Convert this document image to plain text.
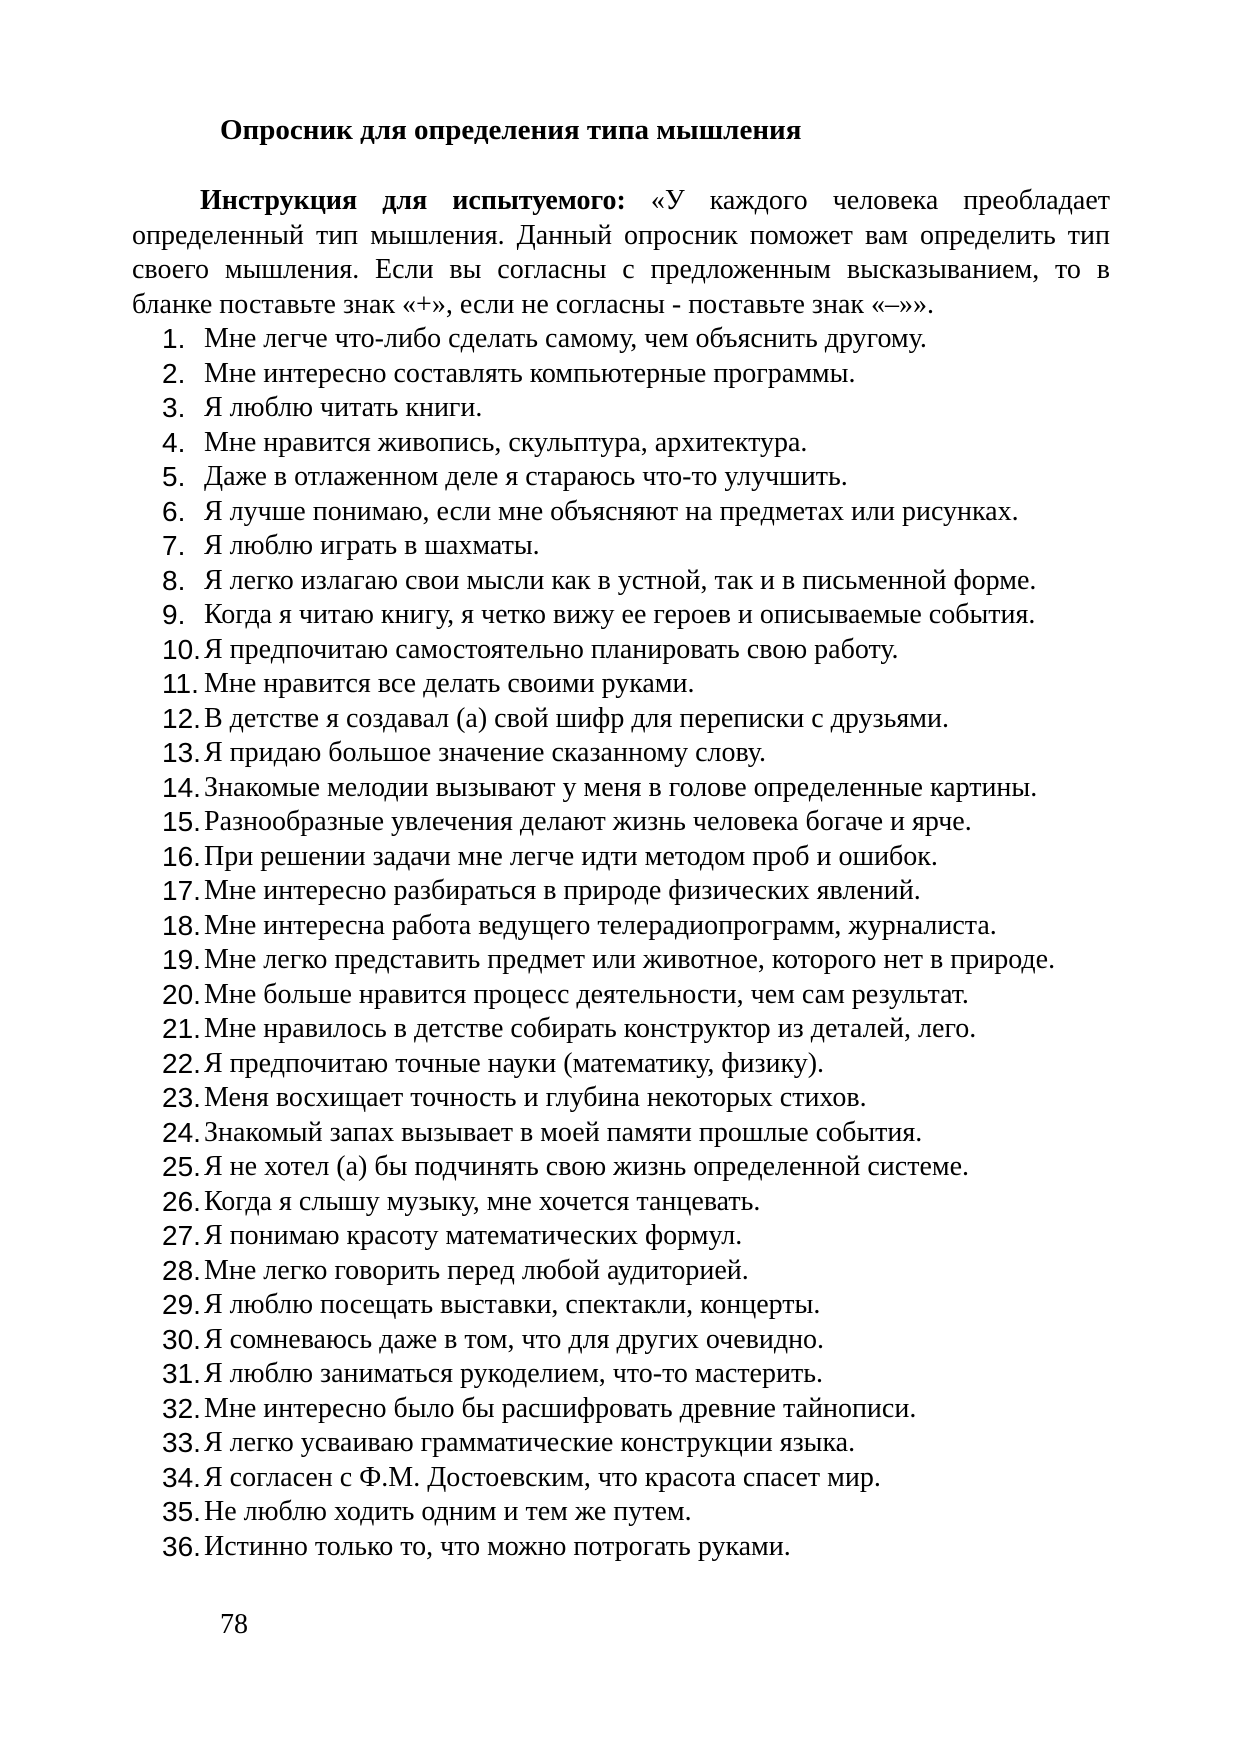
Опросник для определения типа мышления

Инструкция для испытуемого: «У каждого человека преобладает определенный тип мышления. Данный опросник поможет вам определить тип своего мышления. Если вы согласны с предложенным высказыванием, то в бланке поставьте знак «+», если не согласны - поставьте знак «–»».

1. Мне легче что-либо сделать самому, чем объяснить другому.
2. Мне интересно составлять компьютерные программы.
3. Я люблю читать книги.
4. Мне нравится живопись, скульптура, архитектура.
5. Даже в отлаженном деле я стараюсь что-то улучшить.
6. Я лучше понимаю, если мне объясняют на предметах или рисунках.
7. Я люблю играть в шахматы.
8. Я легко излагаю свои мысли как в устной, так и в письменной форме.
9. Когда я читаю книгу, я четко вижу ее героев и описываемые события.
10. Я предпочитаю самостоятельно планировать свою работу.
11. Мне нравится все делать своими руками.
12. В детстве я создавал (а) свой шифр для переписки с друзьями.
13. Я придаю большое значение сказанному слову.
14. Знакомые мелодии вызывают у меня в голове определенные картины.
15. Разнообразные увлечения делают жизнь человека богаче и ярче.
16. При решении задачи мне легче идти методом проб и ошибок.
17. Мне интересно разбираться в природе физических явлений.
18. Мне интересна работа ведущего телерадиопрограмм, журналиста.
19. Мне легко представить предмет или животное, которого нет в природе.
20. Мне больше нравится процесс деятельности, чем сам результат.
21. Мне нравилось в детстве собирать конструктор из деталей, лего.
22. Я предпочитаю точные науки (математику, физику).
23. Меня восхищает точность и глубина некоторых стихов.
24. Знакомый запах вызывает в моей памяти прошлые события.
25. Я не хотел (а) бы подчинять свою жизнь определенной системе.
26. Когда я слышу музыку, мне хочется танцевать.
27. Я понимаю красоту математических формул.
28. Мне легко говорить перед любой аудиторией.
29. Я люблю посещать выставки, спектакли, концерты.
30. Я сомневаюсь даже в том, что для других очевидно.
31. Я люблю заниматься рукоделием, что-то мастерить.
32. Мне интересно было бы расшифровать древние тайнописи.
33. Я легко усваиваю грамматические конструкции языка.
34. Я согласен с Ф.М. Достоевским, что красота спасет мир.
35. Не люблю ходить одним и тем же путем.
36. Истинно только то, что можно потрогать руками.
78
